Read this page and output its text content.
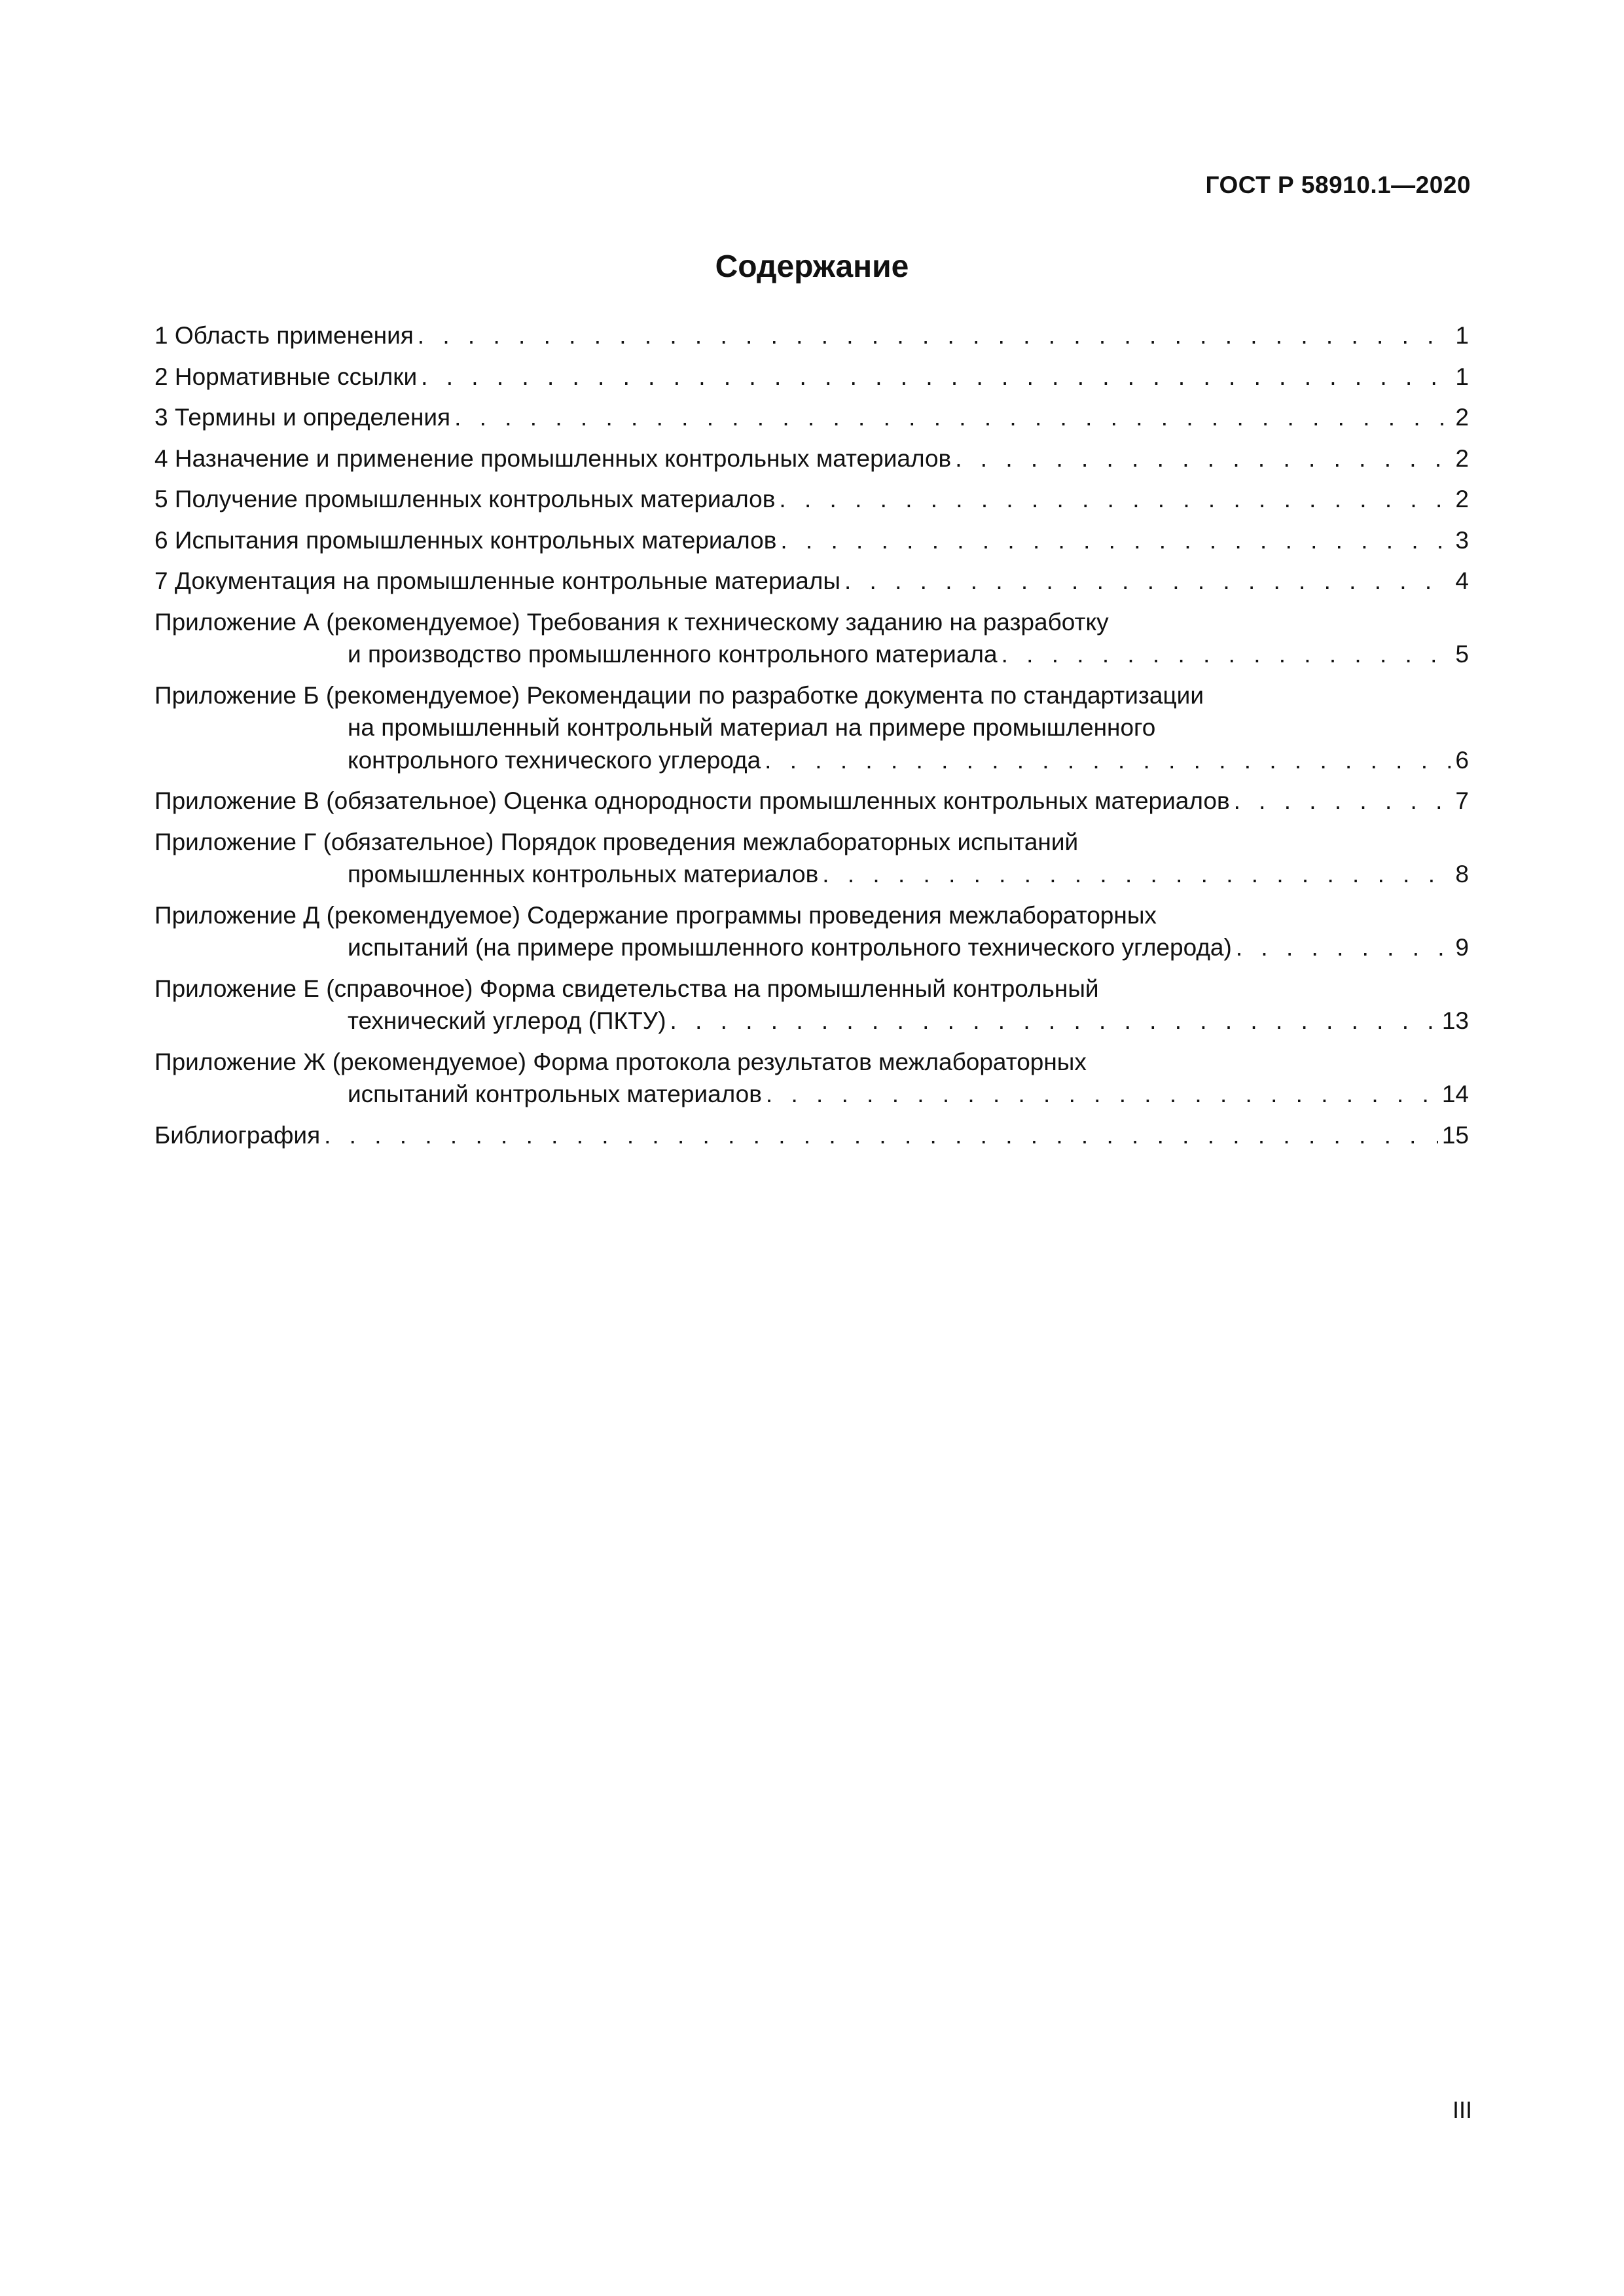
ГОСТ Р 58910.1—2020
Содержание
1 Область применения . . .	1
2 Нормативные ссылки . . .	1
3 Термины и определения . . .	2
4 Назначение и применение промышленных контрольных материалов . . .	2
5 Получение промышленных контрольных материалов . . .	2
6 Испытания промышленных контрольных материалов . . .	3
7 Документация на промышленные контрольные материалы . . .	4
Приложение А (рекомендуемое) Требования к техническому заданию на разработку
и производство промышленного контрольного материала . . .	5
Приложение Б (рекомендуемое) Рекомендации по разработке документа по стандартизации
на промышленный контрольный материал на примере промышленного
контрольного технического углерода . . .	6
Приложение В (обязательное) Оценка однородности промышленных контрольных материалов . . .	7
Приложение Г (обязательное) Порядок проведения межлабораторных испытаний
промышленных контрольных материалов . . .	8
Приложение Д (рекомендуемое) Содержание программы проведения межлабораторных
испытаний (на примере промышленного контрольного технического углерода) . . .	9
Приложение Е (справочное) Форма свидетельства на промышленный контрольный
технический углерод (ПКТУ) . . .	13
Приложение Ж (рекомендуемое) Форма протокола результатов межлабораторных
испытаний контрольных материалов . . .	14
Библиография . . .	15
III
